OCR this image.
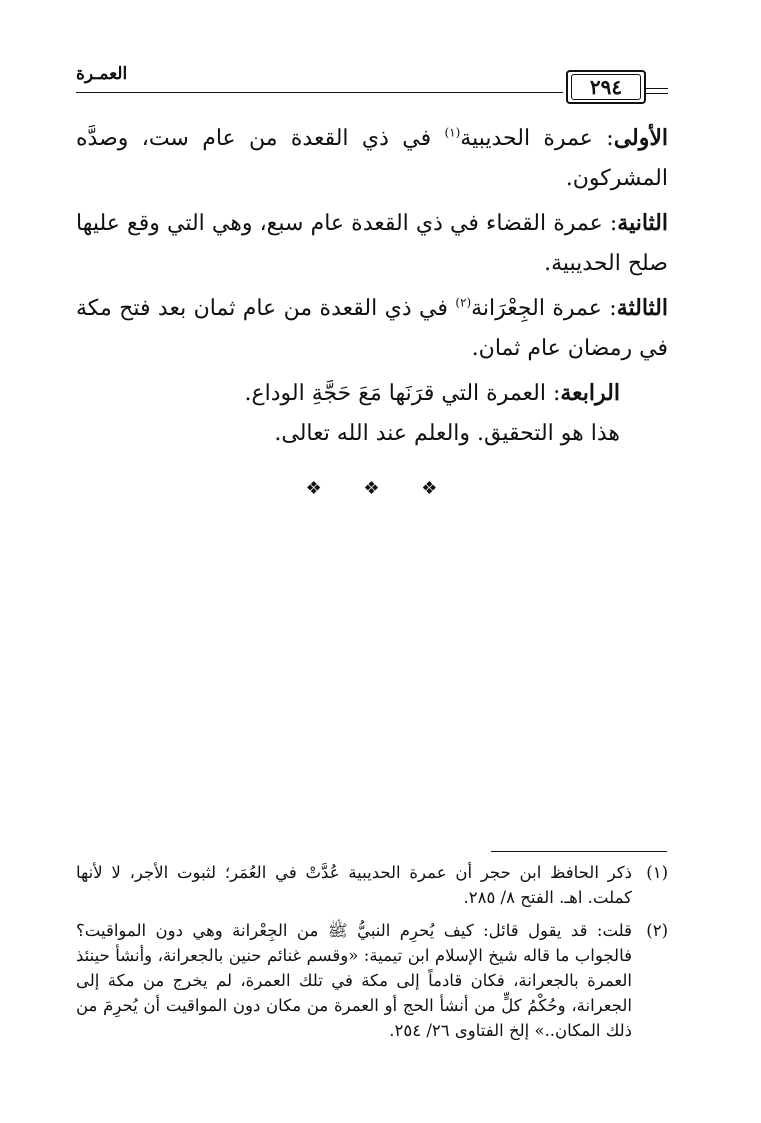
العمـرة
٢٩٤

الأولى: عمرة الحديبية$^{(١)}$ في ذي القعدة من عام ست، وصدَّه المشركون.

الثانية: عمرة القضاء في ذي القعدة عام سبع، وهي التي وقع عليها صلح الحديبية.

الثالثة: عمرة الجِعْرَانة$^{(٢)}$ في ذي القعدة من عام ثمان بعد فتح مكة في رمضان عام ثمان.

الرابعة: العمرة التي قرَنَها مَعَ حَجَّةِ الوداع.

هذا هو التحقيق. والعلم عند الله تعالى.

❖ ❖ ❖
(١)
ذكر الحافظ ابن حجر أن عمرة الحديبية عُدَّتْ في العُمَر؛ لثبوت الأجر، لا لأنها كملت. اهـ. الفتح ٨/ ٢٨٥.
(٢)
قلت: قد يقول قائل: كيف يُحرِم النبيُّ ﷺ من الجِعْرانة وهي دون المواقيت؟ فالجواب ما قاله شيخ الإسلام ابن تيمية: «وقسم غنائم حنين بالجعرانة، وأنشأ حينئذ العمرة بالجعرانة، فكان قادماً إلى مكة في تلك العمرة، لم يخرج من مكة إلى الجعرانة، وحُكْمُ كلٍّ من أنشأ الحج أو العمرة من مكان دون المواقيت أن يُحرِمَ من ذلك المكان..» إلخ الفتاوى ٢٦/ ٢٥٤.
